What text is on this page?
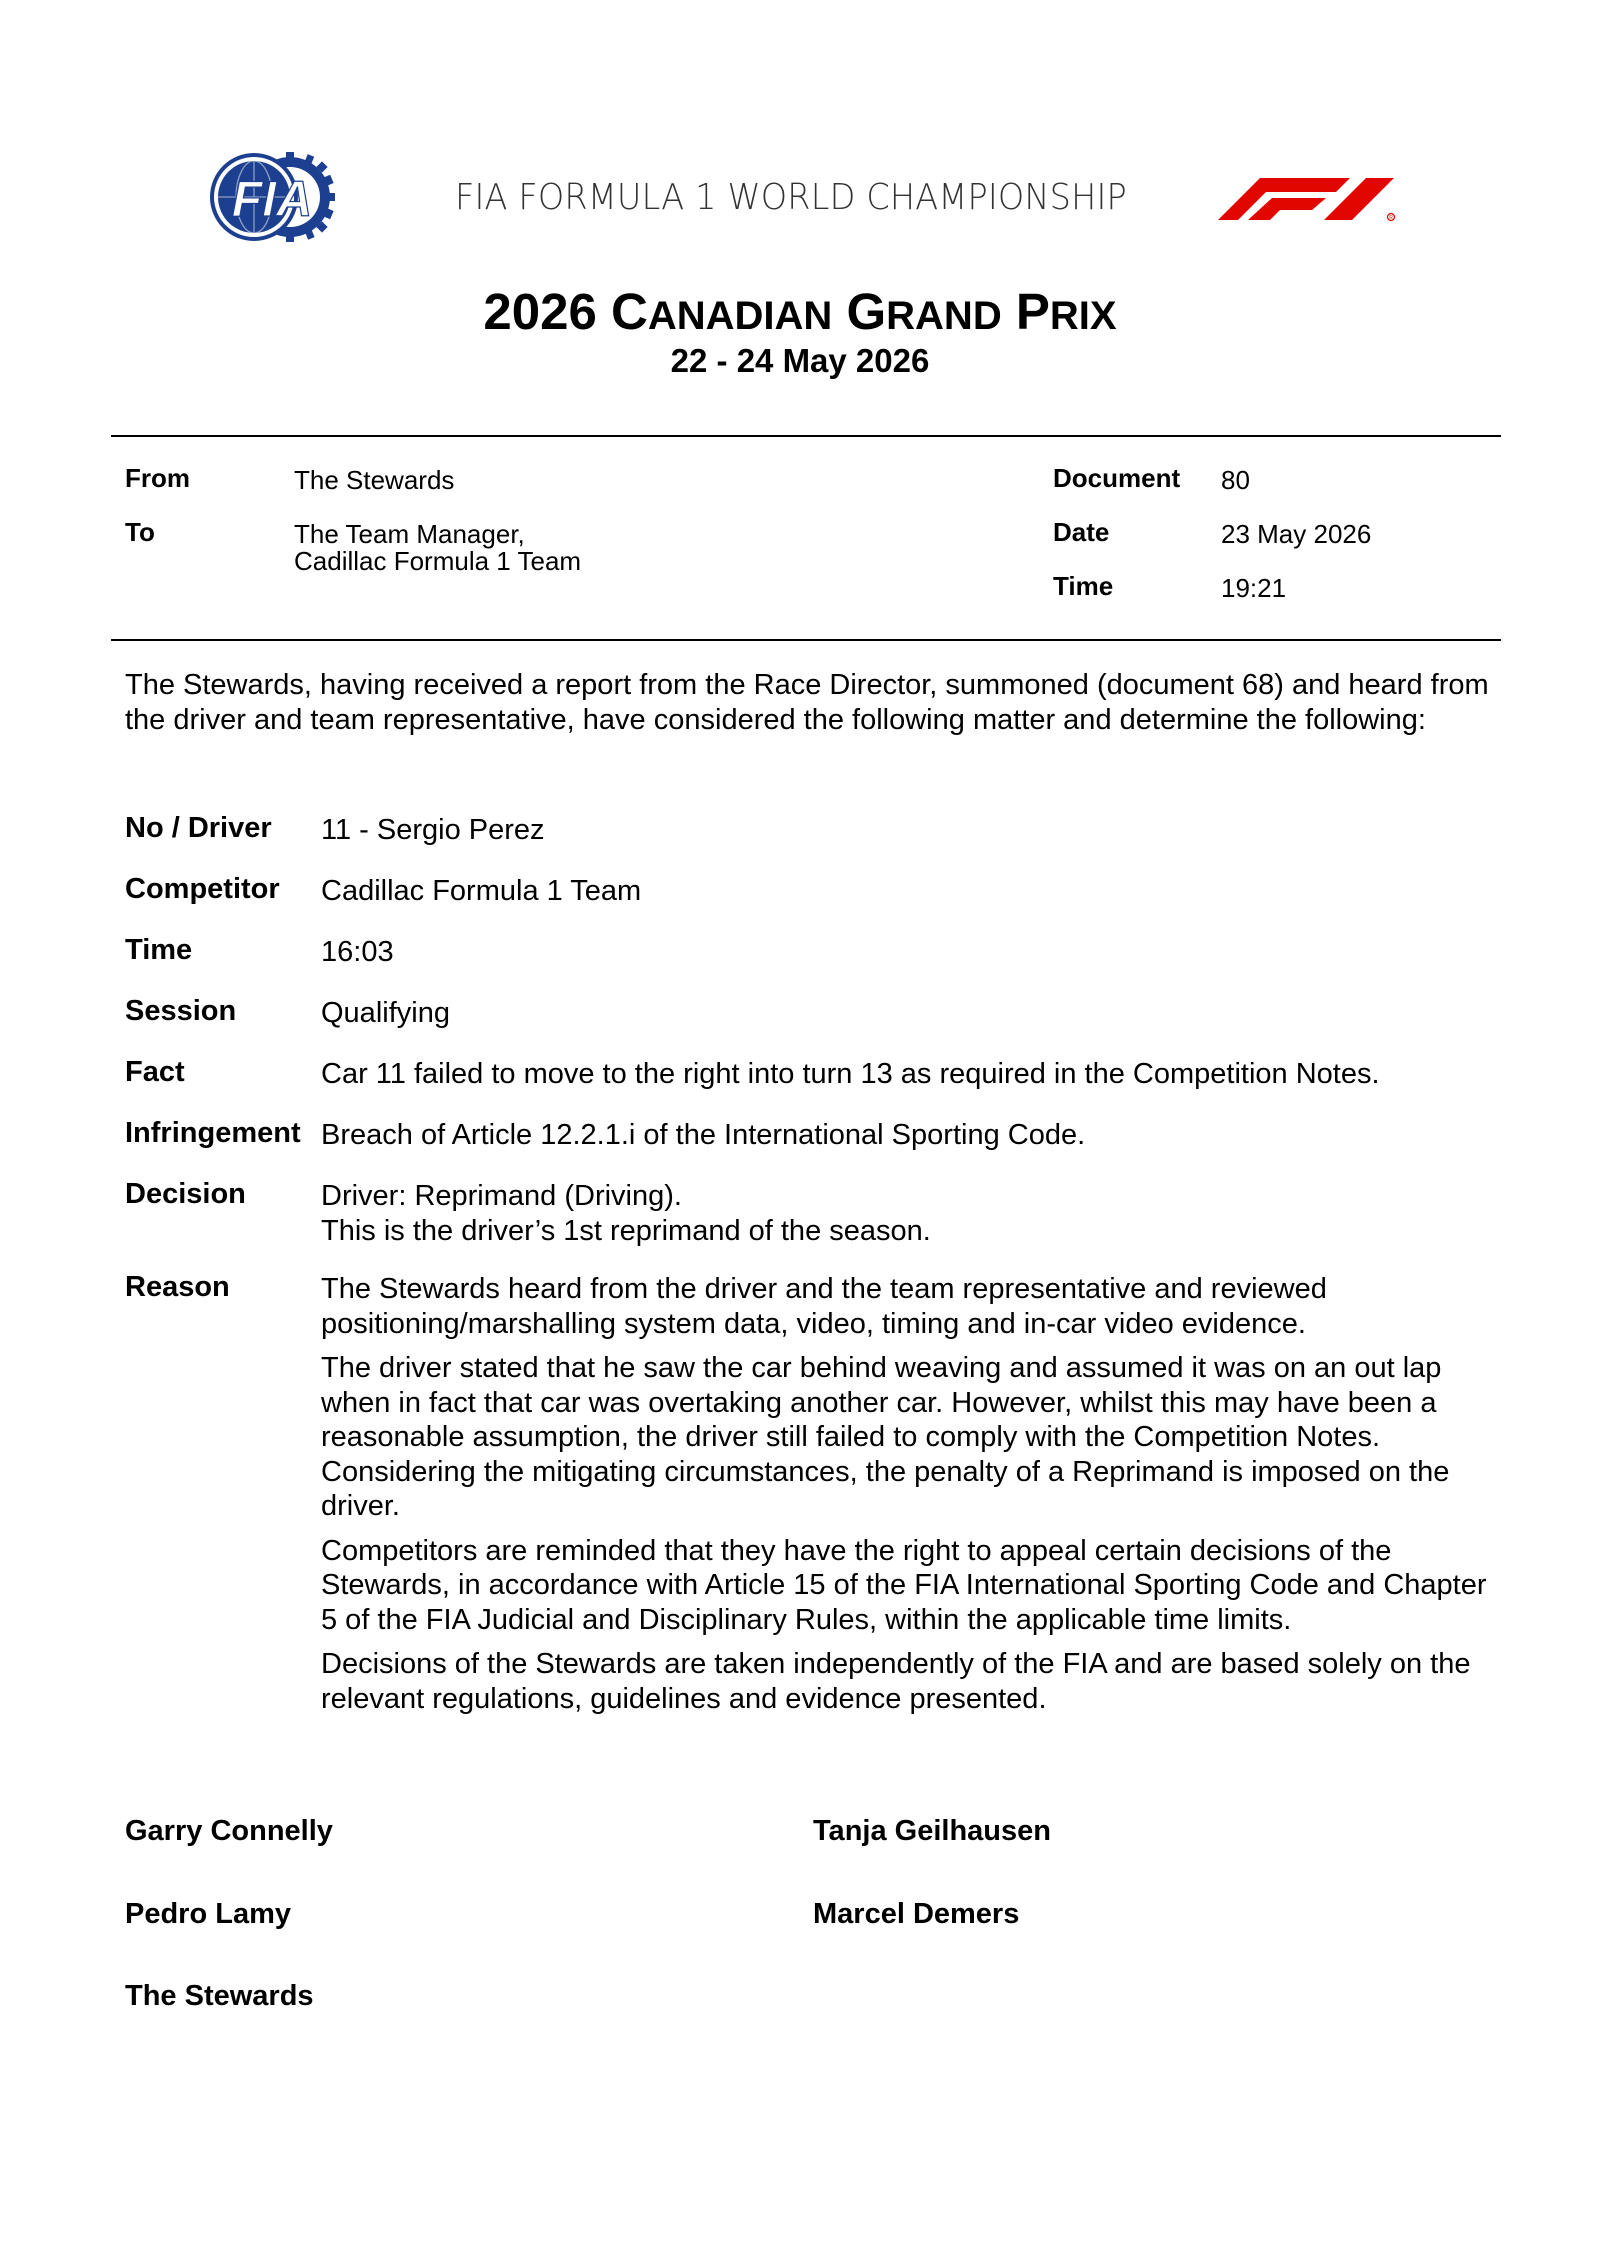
FIA	FIA FORMULA 1 WORLD CHAMPIONSHIP	R
2026 CANADIAN GRAND PRIX
22 - 24 May 2026
From	The Stewards
To	The Team Manager,
Cadillac Formula 1 Team
Document 80
Date	23 May 2026
Time	19:21
The Stewards, having received a report from the Race Director, summoned (document 68) and heard from the driver and team representative, have considered the following matter and determine the following:
No / Driver 11 - Sergio Perez
Competitor Cadillac Formula 1 Team
Time	16:03
Session	Qualifying
Fact	Car 11 failed to move to the right into turn 13 as required in the Competition Notes.
Infringement Breach of Article 12.2.1.i of the International Sporting Code.
Decision	Driver: Reprimand (Driving).
This is the driver’s 1st reprimand of the season.
Reason	The Stewards heard from the driver and the team representative and reviewed positioning/marshalling system data, video, timing and in-car video evidence.

The driver stated that he saw the car behind weaving and assumed it was on an out lap when in fact that car was overtaking another car. However, whilst this may have been a reasonable assumption, the driver still failed to comply with the Competition Notes. Considering the mitigating circumstances, the penalty of a Reprimand is imposed on the driver.

Competitors are reminded that they have the right to appeal certain decisions of the Stewards, in accordance with Article 15 of the FIA International Sporting Code and Chapter 5 of the FIA Judicial and Disciplinary Rules, within the applicable time limits.

Decisions of the Stewards are taken independently of the FIA and are based solely on the relevant regulations, guidelines and evidence presented.

Garry Connelly	Tanja Geilhausen
Pedro Lamy	Marcel Demers
The Stewards
